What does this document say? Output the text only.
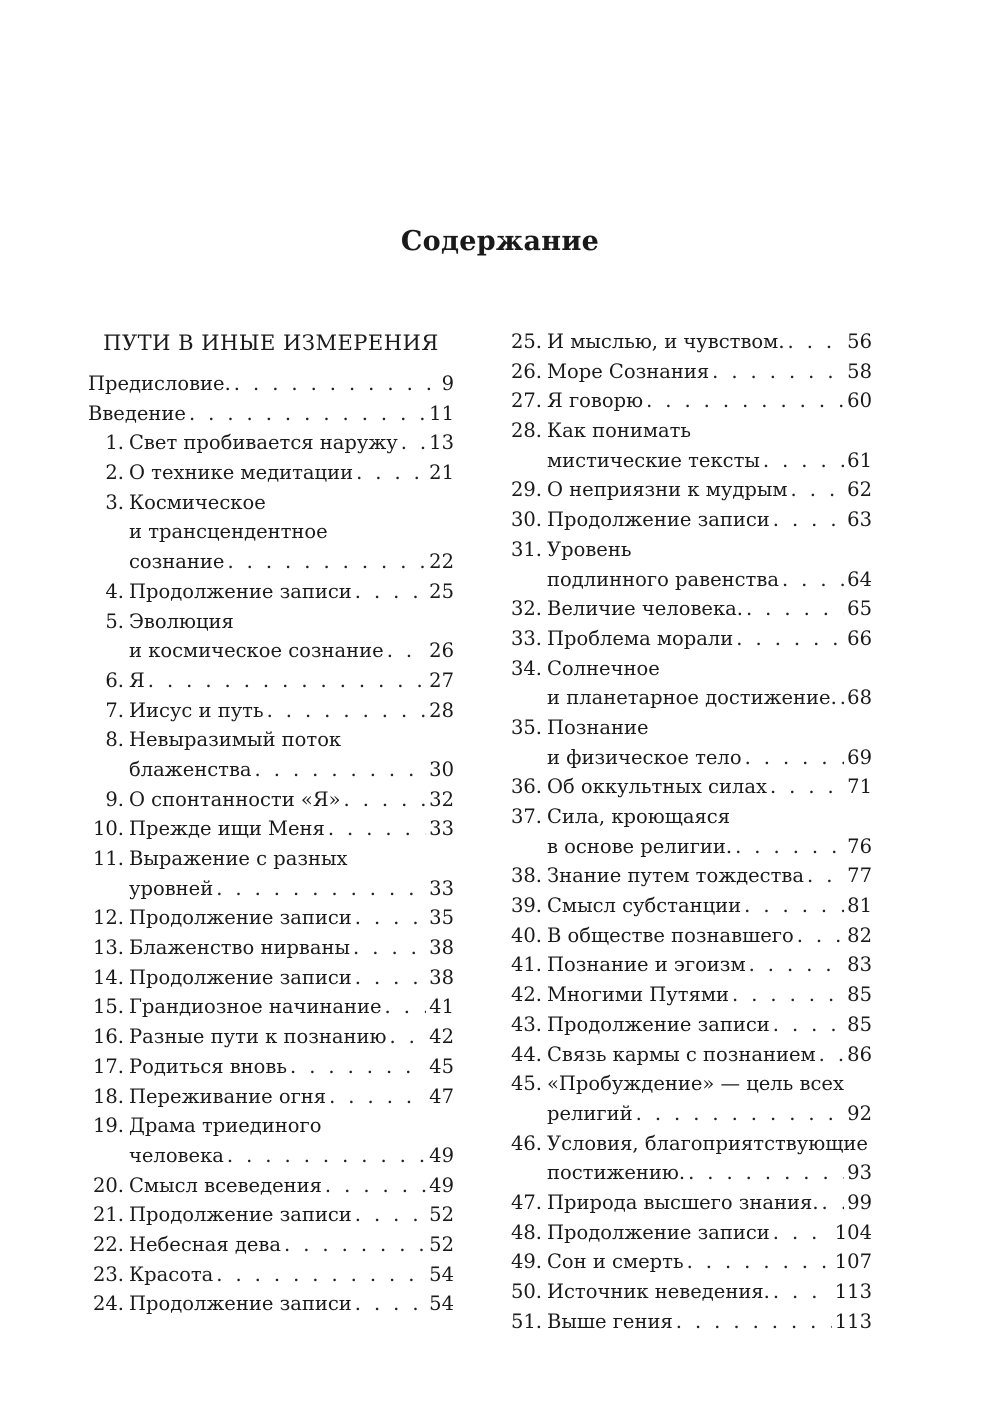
Содержание
ПУТИ В ИНЫЕ ИЗМЕРЕНИЯ
Предисловие. . . .	9
Введение . . .	11
1. Свет пробивается наружу . . . 13
2. О технике медитации . . .	21
3. Космическое
и трансцендентное
сознание . . .	22
4. Продолжение записи . . .	25
5. Эволюция
и космическое сознание . . . 26
6. Я . . .	27
7. Иисус и путь . . .	28
8. Невыразимый поток
блаженства . . .	30
9. О спонтанности «Я» . . .	32
10. Прежде ищи Меня . . .	33
11. Выражение с разных
уровней . . .	33
12. Продолжение записи . . .	35
13. Блаженство нирваны . . .	38
14. Продолжение записи . . .	38
15. Грандиозное начинание . . . 41
16. Разные пути к познанию . . . 42
17. Родиться вновь . . .	45
18. Переживание огня . . .	47
19. Драма триединого
человека . . .	49
20. Смысл всеведения . . .	49
21. Продолжение записи . . .	52
22. Небесная дева . . .	52
23. Красота . . .	54
24. Продолжение записи . . .	54
25. И мыслью, и чувством. . . .	56
26. Море Сознания . . .	58
27. Я говорю . . .	60
28. Как понимать
мистические тексты . . .	61
29. О неприязни к мудрым . . .	62
30. Продолжение записи . . .	63
31. Уровень
подлинного равенства . . .	64
32. Величие человека. . . .	65
33. Проблема морали . . .	66
34. Солнечное
и планетарное достижение. . . . 68
35. Познание
и физическое тело . . .	69
36. Об оккультных силах . . .	71
37. Сила, кроющаяся
в основе религии. . . .	76
38. Знание путем тождества . . . 77
39. Смысл субстанции . . .	81
40. В обществе познавшего . . .	82
41. Познание и эгоизм . . .	83
42. Многими Путями . . .	85
43. Продолжение записи . . .	85
44. Связь кармы с познанием . . . 86
45. «Пробуждение» — цель всех
религий . . .	92
46. Условия, благоприятствующие
постижению. . . .	93
47. Природа высшего знания. . . . 99
48. Продолжение записи . . .	104
49. Сон и смерть . . .	107
50. Источник неведения. . . .	113
51. Выше гения . . .	113
